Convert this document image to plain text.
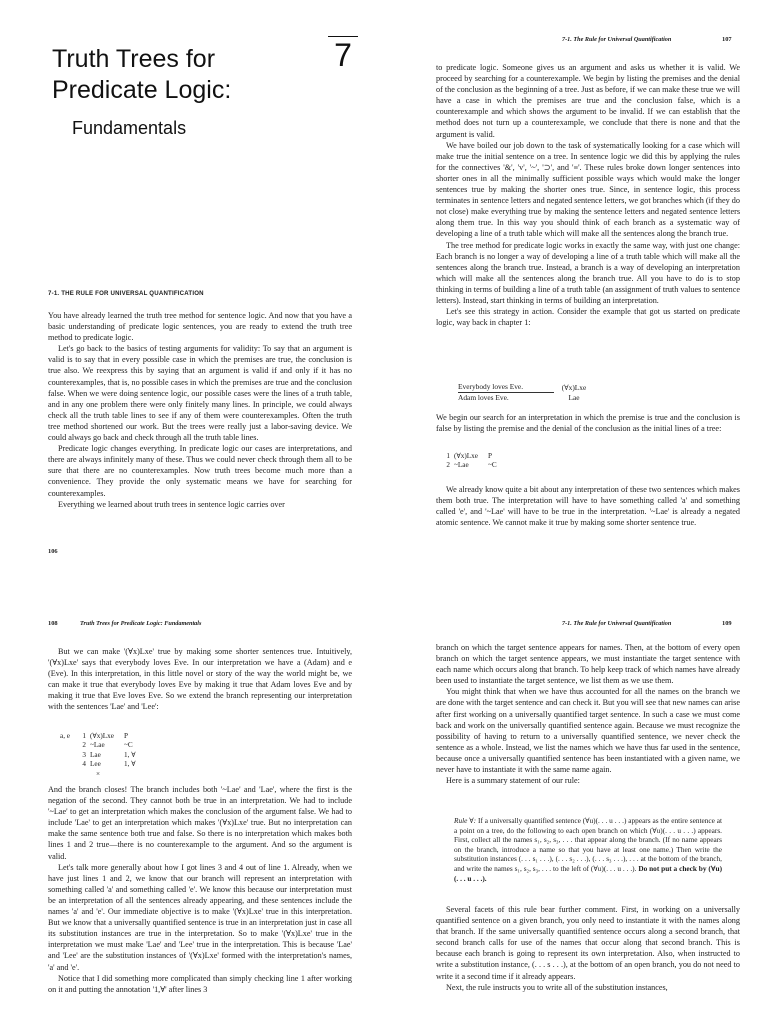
Truth Trees for
Predicate Logic:
Fundamentals
7
7-1. THE RULE FOR UNIVERSAL QUANTIFICATION

You have already learned the truth tree method for sentence logic. And now that you have a basic understanding of predicate logic sentences, you are ready to extend the truth tree method to predicate logic.

Let's go back to the basics of testing arguments for validity: To say that an argument is valid is to say that in every possible case in which the premises are true, the conclusion is true also. We reexpress this by saying that an argument is valid if and only if it has no counterexamples, that is, no possible cases in which the premises are true and the conclusion false. When we were doing sentence logic, our possible cases were the lines of a truth table, and in any one problem there were only finitely many lines. In principle, we could always check all the truth table lines to see if any of them were counterexamples. Often the truth tree method shortened our work. But the trees were really just a labor-saving device. We could always go back and check through all the truth table lines.

Predicate logic changes everything. In predicate logic our cases are interpretations, and there are always infinitely many of these. Thus we could never check through them all to be sure that there are no counterexamples. Now truth trees become much more than a convenience. They provide the only systematic means we have for searching for counterexamples.

Everything we learned about truth trees in sentence logic carries over

106
7-1. The Rule for Universal Quantification	107

to predicate logic. Someone gives us an argument and asks us whether it is valid. We proceed by searching for a counterexample. We begin by listing the premises and the denial of the conclusion as the beginning of a tree. Just as before, if we can make these true we will have a case in which the premises are true and the conclusion false, which is a counterexample and which shows the argument to be invalid. If we can establish that the method does not turn up a counterexample, we conclude that there is none and that the argument is valid.

We have boiled our job down to the task of systematically looking for a case which will make true the initial sentence on a tree. In sentence logic we did this by applying the rules for the connectives '&', 'v', '~', '⊃', and '≡'. These rules broke down longer sentences into shorter ones in all the minimally sufficient possible ways which would make the longer sentences true by making the shorter ones true. Since, in sentence logic, this process terminates in sentence letters and negated sentence letters, we got branches which (if they do not close) make everything true by making the sentence letters and negated sentence letters along them true. In this way you should think of each branch as a systematic way of developing a line of a truth table which will make all the sentences along the branch true.

The tree method for predicate logic works in exactly the same way, with just one change: Each branch is no longer a way of developing a line of a truth table which will make all the sentences along the branch true. Instead, a branch is a way of developing an interpretation which will make all the sentences along the branch true. All you have to do is to stop thinking in terms of building a line of a truth table (an assignment of truth values to sentence letters). Instead, start thinking in terms of building an interpretation.

Let's see this strategy in action. Consider the example that got us started on predicate logic, way back in chapter 1:

Everybody loves Eve.	(∀x)Lxe
Adam loves Eve.	Lae

We begin our search for an interpretation in which the premise is true and the conclusion is false by listing the premise and the denial of the conclusion as the initial lines of a tree:

1 (∀x)Lxe	P
2 ~Lae	~C

We already know quite a bit about any interpretation of these two sentences which makes them both true. The interpretation will have to have something called 'a' and something called 'e', and '~Lae' will have to be true in the interpretation. '~Lae' is already a negated atomic sentence. We cannot make it true by making some shorter sentence true.

108	Truth Trees for Predicate Logic: Fundamentals

But we can make '(∀x)Lxe' true by making some shorter sentences true. Intuitively, '(∀x)Lxe' says that everybody loves Eve. In our interpretation we have a (Adam) and e (Eve). In this interpretation, in this little novel or story of the way the world might be, we can make it true that everybody loves Eve by making it true that Adam loves Eve and by making it true that Eve loves Eve. So we extend the branch representing our interpretation with the sentences 'Lae' and 'Lee':

a, e	1 (∀x)Lxe	P
2 ~Lae	~C
3 Lae	1, ∀
4 Lee	1, ∀
×

And the branch closes! The branch includes both '~Lae' and 'Lae', where the first is the negation of the second. They cannot both be true in an interpretation. We had to include '~Lae' to get an interpretation which makes the conclusion of the argument false. We had to include 'Lae' to get an interpretation which makes '(∀x)Lxe' true. But no interpretation can make the same sentence both true and false. So there is no interpretation which makes both lines 1 and 2 true—there is no counterexample to the argument. And so the argument is valid.

Let's talk more generally about how I got lines 3 and 4 out of line 1. Already, when we have just lines 1 and 2, we know that our branch will represent an interpretation with something called 'a' and something called 'e'. We know this because our interpretation must be an interpretation of all the sentences already appearing, and these sentences include the names 'a' and 'e'. Our immediate objective is to make '(∀x)Lxe' true in this interpretation. But we know that a universally quantified sentence is true in an interpretation just in case all its substitution instances are true in the interpretation. So to make '(∀x)Lxe' true in the interpretation we must make 'Lae' and 'Lee' true in the interpretation. This is because 'Lae' and 'Lee' are the substitution instances of '(∀x)Lxe' formed with the interpretation's names, 'a' and 'e'.

Notice that I did something more complicated than simply checking line 1 after working on it and putting the annotation '1,∀' after lines 3

7-1. The Rule for Universal Quantification	109

branch on which the target sentence appears for names. Then, at the bottom of every open branch on which the target sentence appears, we must instantiate the target sentence with each name which occurs along that branch. To help keep track of which names have already been used to instantiate the target sentence, we list them as we use them.

You might think that when we have thus accounted for all the names on the branch we are done with the target sentence and can check it. But you will see that new names can arise after first working on a universally quantified target sentence. In such a case we must come back and work on the universally quantified sentence again. Because we must recognize the possibility of having to return to a universally quantified sentence, we never check the sentence as a whole. Instead, we list the names which we have thus far used in the sentence, because once a universally quantified sentence has been instantiated with a given name, we never have to instantiate it with the same name again.

Here is a summary statement of our rule:

Rule ∀: If a universally quantified sentence (∀u)(. . . u . . .) appears as the entire sentence at a point on a tree, do the following to each open branch on which (∀u)(. . . u . . .) appears. First, collect all the names s₁, s₂, s₃, . . . that appear along the branch. (If no name appears on the branch, introduce a name so that you have at least one name.) Then write the substitution instances (. . . s₁ . . .), (. . . s₂ . . .), (. . . s₃ . . .), . . . at the bottom of the branch, and write the names s₁, s₂, s₃, . . . to the left of (∀u)(. . . u . . .). Do not put a check by (∀u)(. . . u . . .).

Several facets of this rule bear further comment. First, in working on a universally quantified sentence on a given branch, you only need to instantiate it with the names along that branch. If the same universally quantified sentence occurs along a second branch, that second branch calls for use of the names that occur along that second branch. This is because each branch is going to represent its own interpretation. Also, when instructed to write a substitution instance, (. . . s . . .), at the bottom of an open branch, you do not need to write it a second time if it already appears.

Next, the rule instructs you to write all of the substitution instances,
